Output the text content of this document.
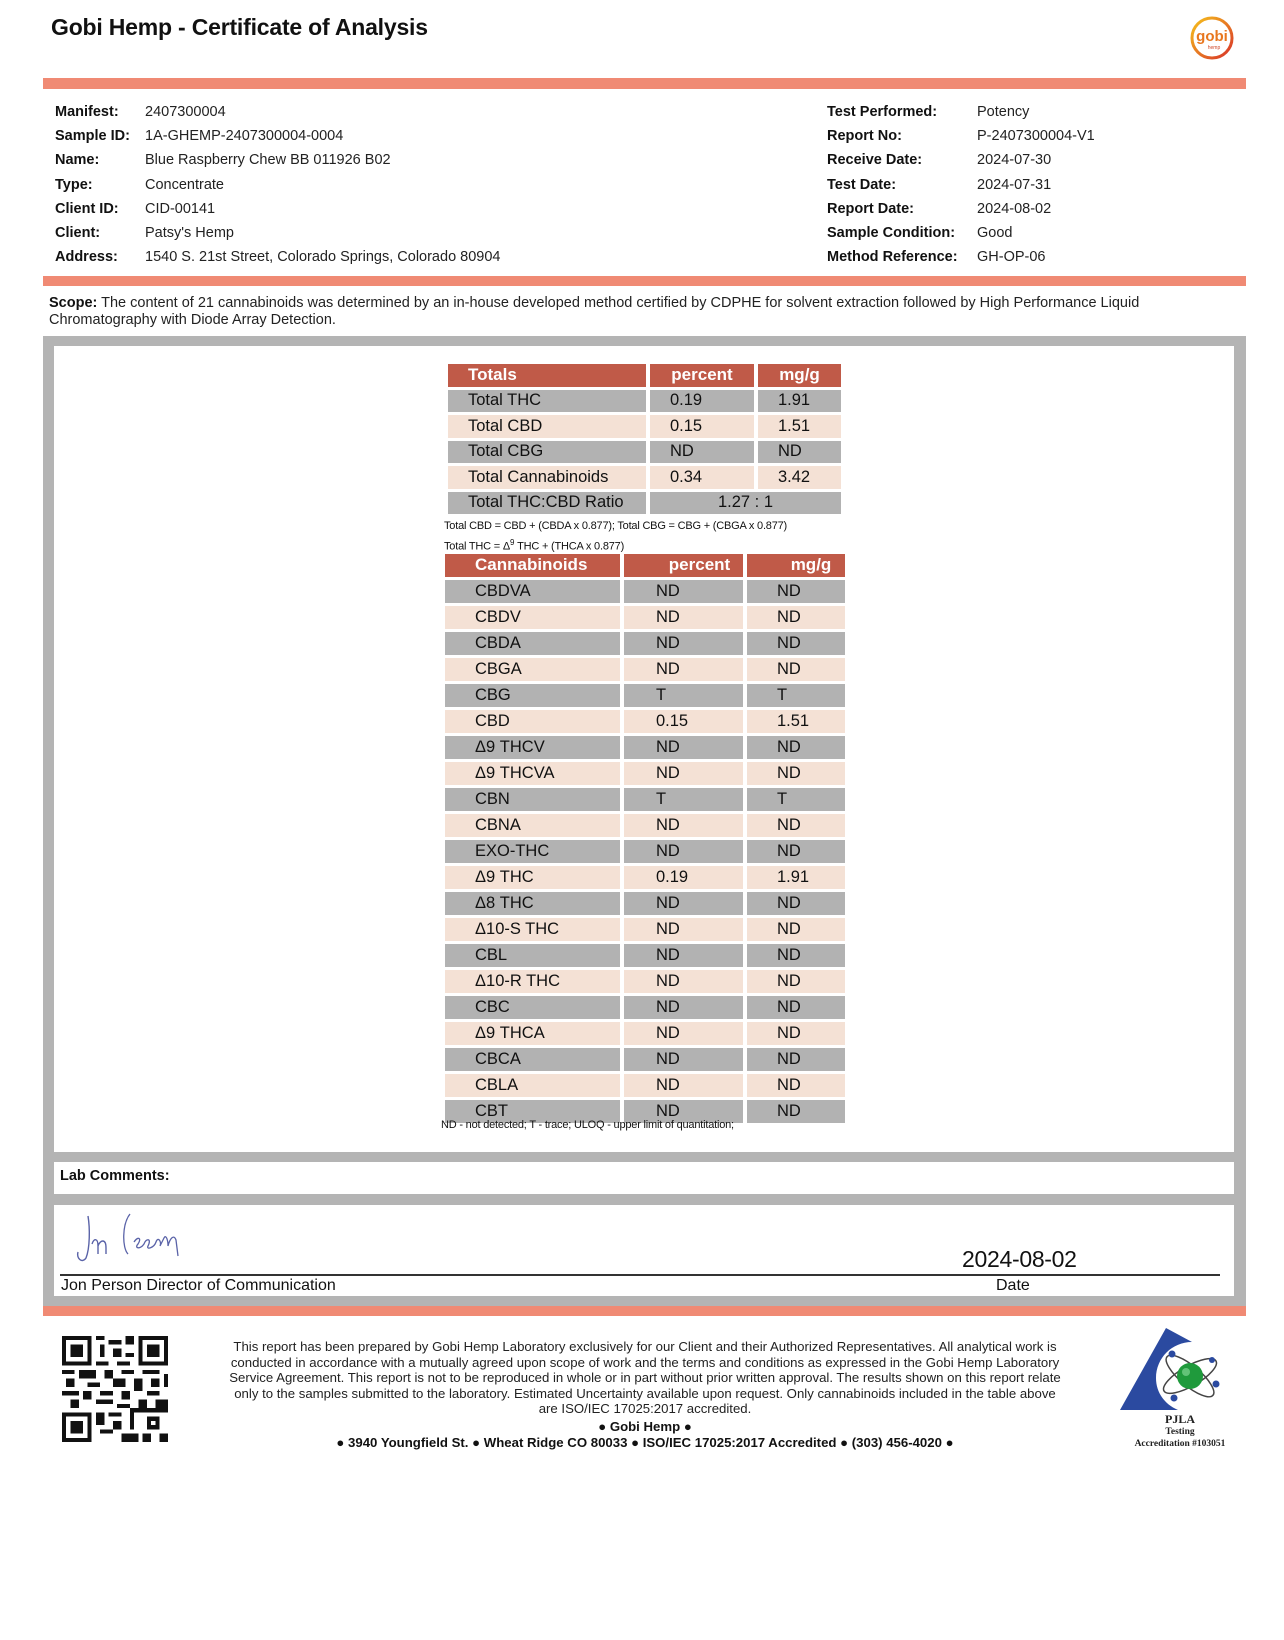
Gobi Hemp - Certificate of Analysis	gobi
hemp
Manifest:	2407300004
Sample ID:	1A-GHEMP-2407300004-0004
Name:	Blue Raspberry Chew BB 011926 B02
Type:	Concentrate
Client ID:	CID-00141
Client:	Patsy's Hemp
Address:	1540 S. 21st Street, Colorado Springs, Colorado 80904
Test Performed:	Potency
Report No:	P-2407300004-V1
Receive Date:	2024-07-30
Test Date:	2024-07-31
Report Date:	2024-08-02
Sample Condition:	Good
Method Reference:	GH-OP-06
Scope: The content of 21 cannabinoids was determined by an in-house developed method certified by CDPHE for solvent extraction followed by High Performance Liquid Chromatography with Diode Array Detection.
Totals	percent	mg/g
Total THC	0.19	1.91
Total CBD	0.15	1.51
Total CBG	ND	ND
Total Cannabinoids	0.34	3.42
Total THC:CBD Ratio	1.27 : 1	
Total CBD = CBD + (CBDA x 0.877); Total CBG = CBG + (CBGA x 0.877)
Total THC = $\Delta^9$ THC + (THCA x 0.877)
Cannabinoids	percent	mg/g
CBDVA	ND	ND
CBDV	ND	ND
CBDA	ND	ND
CBGA	ND	ND
CBG	T	T
CBD	0.15	1.51
Δ9 THCV	ND	ND
Δ9 THCVA	ND	ND
CBN	T	T
CBNA	ND	ND
EXO-THC	ND	ND
Δ9 THC	0.19	1.91
Δ8 THC	ND	ND
Δ10-S THC	ND	ND
CBL	ND	ND
Δ10-R THC	ND	ND
CBC	ND	ND
Δ9 THCA	ND	ND
CBCA	ND	ND
CBLA	ND	ND
CBT	ND	ND
ND - not detected; T - trace; ULOQ - upper limit of quantitation;
Lab Comments:
2024-08-02
Jon Person Director of Communication	Date
This report has been prepared by Gobi Hemp Laboratory exclusively for our Client and their Authorized Representatives. All analytical work is conducted in accordance with a mutually agreed upon scope of work and the terms and conditions as expressed in the Gobi Hemp Laboratory Service Agreement. This report is not to be reproduced in whole or in part without prior written approval. The results shown on this report relate only to the samples submitted to the laboratory. Estimated Uncertainty available upon request. Only cannabinoids included in the table above are ISO/IEC 17025:2017 accredited.
● Gobi Hemp ●
● 3940 Youngfield St. ● Wheat Ridge CO 80033 ● ISO/IEC 17025:2017 Accredited ● (303) 456-4020 ●
PJLA
Testing
Accreditation #103051
